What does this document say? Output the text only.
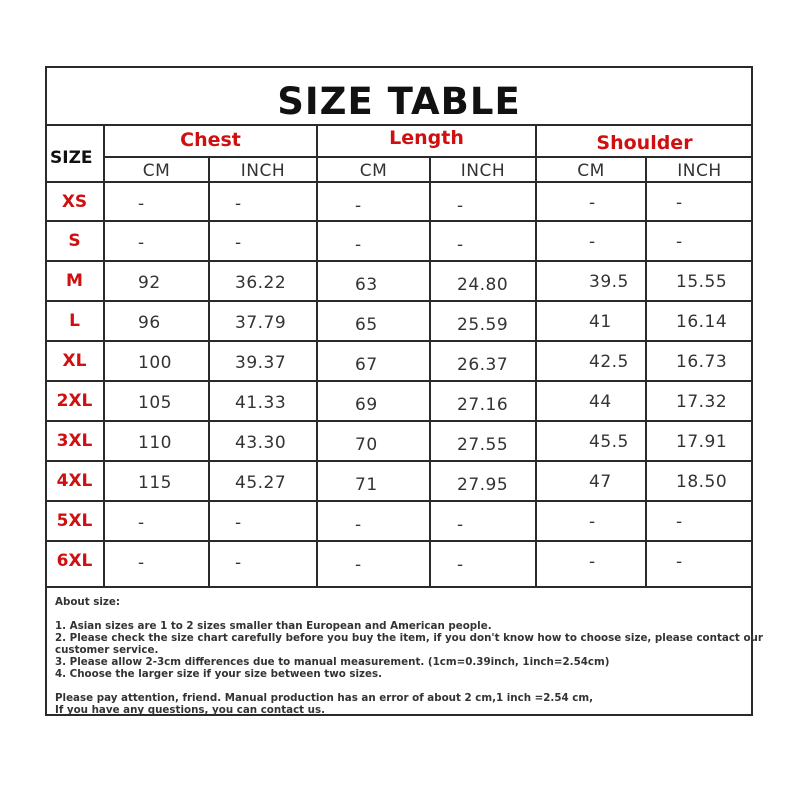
SIZE TABLE
SIZE
Chest
CM	INCH
Length
CM	INCH
Shoulder
CM	INCH
XS	-	-	-	-	-	-
S	-	-	-	-	-	-
M	92	36.22	63	24.80	39.5	15.55
L	96	37.79	65	25.59	41	16.14
XL	100	39.37	67	26.37	42.5	16.73
2XL	105	41.33	69	27.16	44	17.32
3XL	110	43.30	70	27.55	45.5	17.91
4XL	115	45.27	71	27.95	47	18.50
5XL	-	-	-	-	-	-
6XL	-	-	-	-	-	-
About size:
1. Asian sizes are 1 to 2 sizes smaller than European and American people.
2. Please check the size chart carefully before you buy the item, if you don't know how to choose size, please contact our
customer service.
3. Please allow 2-3cm differences due to manual measurement. (1cm=0.39inch, 1inch=2.54cm)
4. Choose the larger size if your size between two sizes.
Please pay attention, friend. Manual production has an error of about 2 cm,1 inch =2.54 cm,
If you have any questions, you can contact us.
